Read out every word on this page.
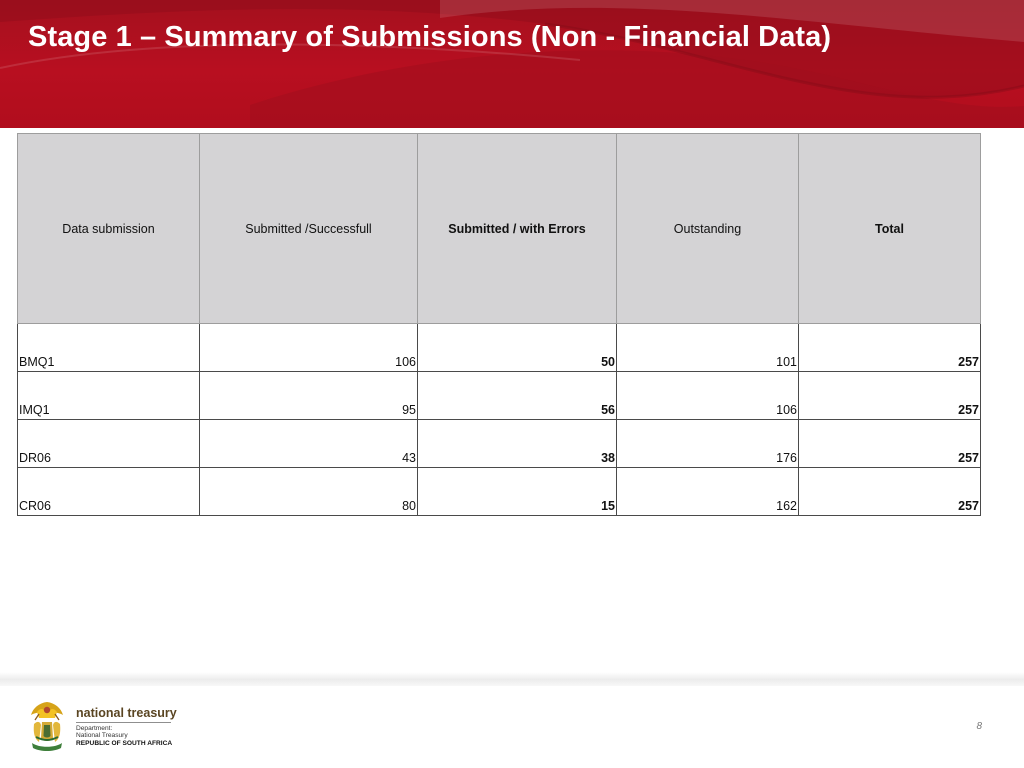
Stage 1 – Summary of Submissions (Non - Financial Data)
Data submission	Submitted /Successfull	Submitted / with Errors	Outstanding	Total
BMQ1	106	50	101	257
IMQ1	95	56	106	257
DR06	43	38	176	257
CR06	80	15	162	257
national treasury
Department:
National Treasury
REPUBLIC OF SOUTH AFRICA
8
